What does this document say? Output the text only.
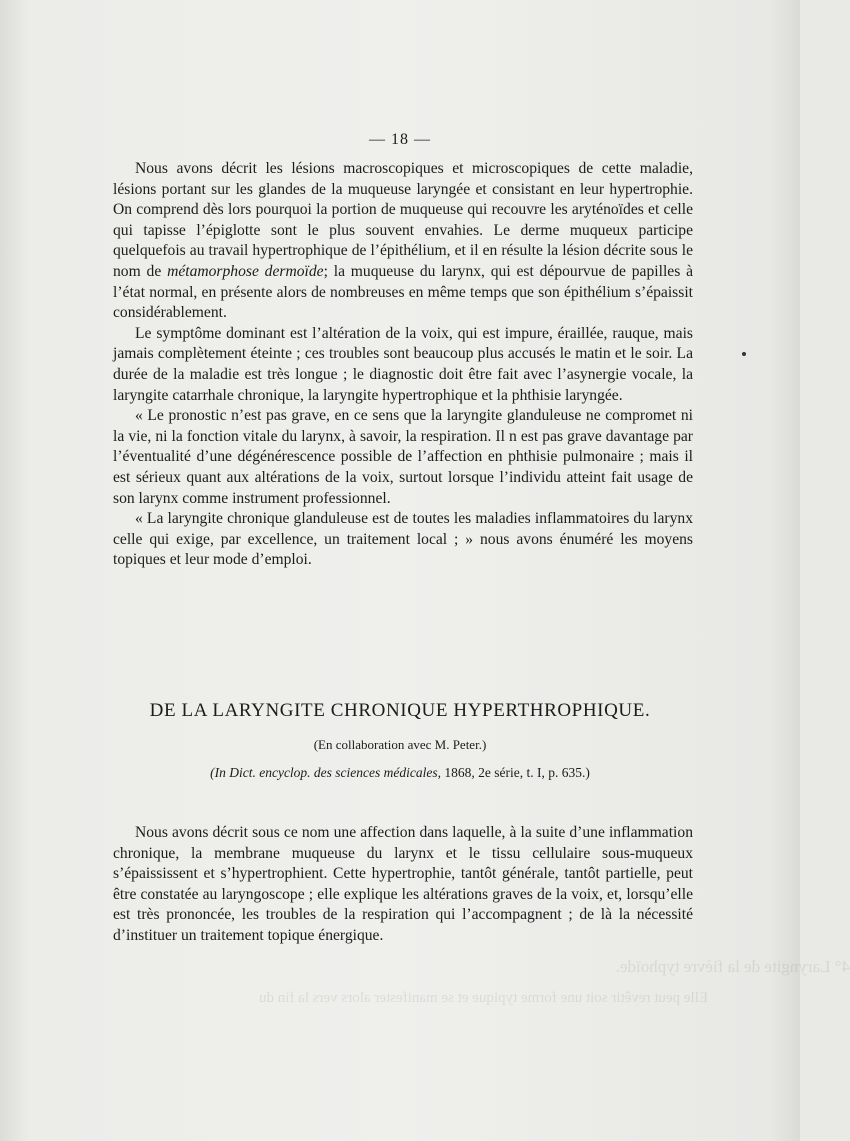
Elle peut revêtir soit une forme typique et se manifester alors vers la fin du
4° Laryngite de la fièvre typhoïde.
— 18 —

Nous avons décrit les lésions macroscopiques et microscopiques de cette maladie, lésions portant sur les glandes de la muqueuse laryngée et consistant en leur hypertrophie. On comprend dès lors pourquoi la portion de muqueuse qui recouvre les aryténoïdes et celle qui tapisse l’épiglotte sont le plus souvent envahies. Le derme muqueux participe quelquefois au travail hypertrophique de l’épithélium, et il en résulte la lésion décrite sous le nom de métamorphose dermoïde; la muqueuse du larynx, qui est dépourvue de papilles à l’état normal, en présente alors de nombreuses en même temps que son épithélium s’épaissit considérablement.

Le symptôme dominant est l’altération de la voix, qui est impure, éraillée, rauque, mais jamais complètement éteinte ; ces troubles sont beaucoup plus accusés le matin et le soir. La durée de la maladie est très longue ; le diagnostic doit être fait avec l’asynergie vocale, la laryngite catarrhale chronique, la laryngite hypertrophique et la phthisie laryngée.

« Le pronostic n’est pas grave, en ce sens que la laryngite glanduleuse ne compromet ni la vie, ni la fonction vitale du larynx, à savoir, la respiration. Il n est pas grave davantage par l’éventualité d’une dégénérescence possible de l’affection en phthisie pulmonaire ; mais il est sérieux quant aux altérations de la voix, surtout lorsque l’individu atteint fait usage de son larynx comme instrument professionnel.

« La laryngite chronique glanduleuse est de toutes les maladies inflammatoires du larynx celle qui exige, par excellence, un traitement local ; » nous avons énuméré les moyens topiques et leur mode d’emploi.

DE LA LARYNGITE CHRONIQUE HYPERTHROPHIQUE.
(En collaboration avec M. Peter.)
(In Dict. encyclop. des sciences médicales, 1868, 2e série, t. I, p. 635.)

Nous avons décrit sous ce nom une affection dans laquelle, à la suite d’une inflammation chronique, la membrane muqueuse du larynx et le tissu cellulaire sous-muqueux s’épaississent et s’hypertrophient. Cette hypertrophie, tantôt générale, tantôt partielle, peut être constatée au laryngoscope ; elle explique les altérations graves de la voix, et, lorsqu’elle est très prononcée, les troubles de la respiration qui l’accompagnent ; de là la nécessité d’instituer un traitement topique énergique.
